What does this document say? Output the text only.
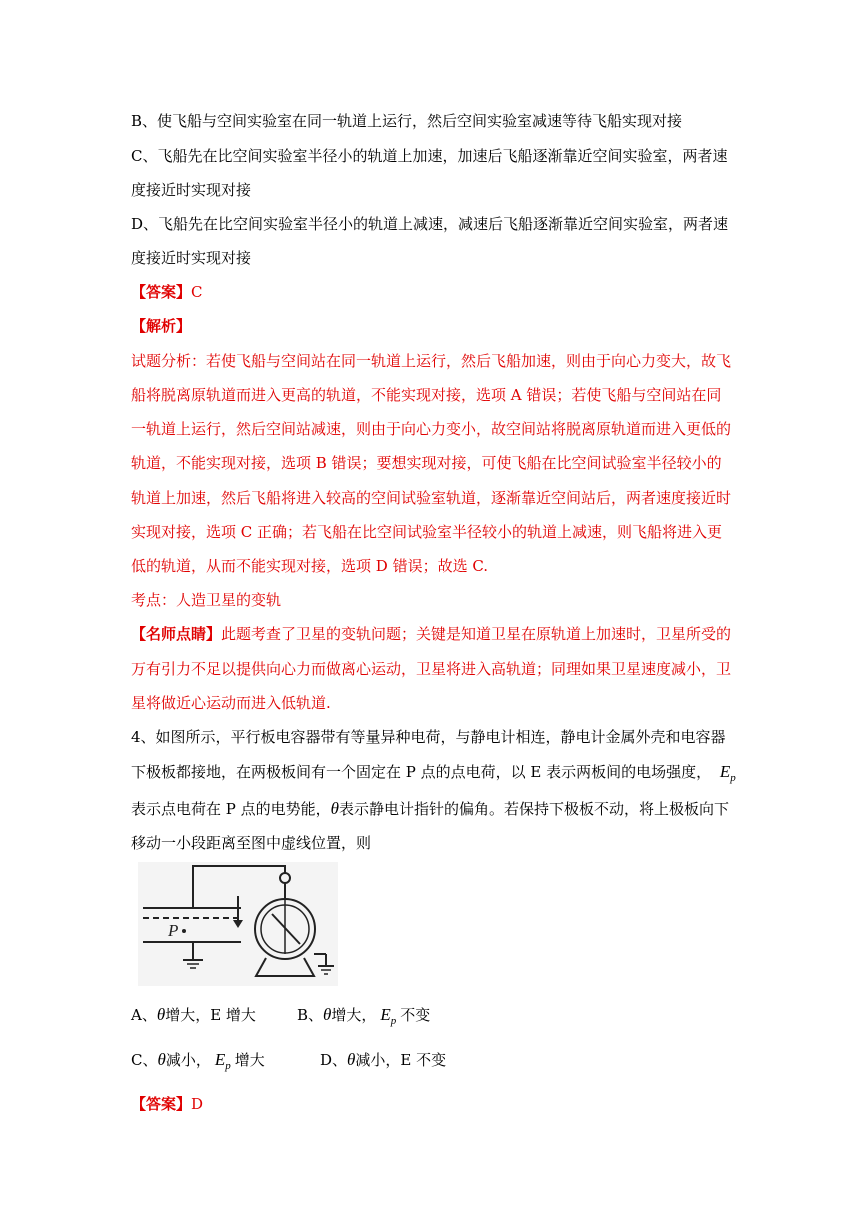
B、使飞船与空间实验室在同一轨道上运行，然后空间实验室减速等待飞船实现对接
C、飞船先在比空间实验室半径小的轨道上加速，加速后飞船逐渐靠近空间实验室，两者速
度接近时实现对接
D、飞船先在比空间实验室半径小的轨道上减速，减速后飞船逐渐靠近空间实验室，两者速
度接近时实现对接
【答案】C
【解析】
试题分析：若使飞船与空间站在同一轨道上运行，然后飞船加速，则由于向心力变大，故飞
船将脱离原轨道而进入更高的轨道，不能实现对接，选项 A 错误；若使飞船与空间站在同
一轨道上运行，然后空间站减速，则由于向心力变小，故空间站将脱离原轨道而进入更低的
轨道，不能实现对接，选项 B 错误；要想实现对接，可使飞船在比空间试验室半径较小的
轨道上加速，然后飞船将进入较高的空间试验室轨道，逐渐靠近空间站后，两者速度接近时
实现对接，选项 C 正确；若飞船在比空间试验室半径较小的轨道上减速，则飞船将进入更
低的轨道，从而不能实现对接，选项 D 错误；故选 C.
考点：人造卫星的变轨
【名师点睛】此题考查了卫星的变轨问题；关键是知道卫星在原轨道上加速时，卫星所受的
万有引力不足以提供向心力而做离心运动，卫星将进入高轨道；同理如果卫星速度减小，卫
星将做近心运动而进入低轨道.
4、如图所示，平行板电容器带有等量异种电荷，与静电计相连，静电计金属外壳和电容器
下极板都接地，在两极板间有一个固定在 P 点的点电荷，以 E 表示两板间的电场强度， $E_p$
表示点电荷在 P 点的电势能，θ表示静电计指针的偏角。若保持下极板不动，将上极板向下
移动一小段距离至图中虚线位置，则
P
A、θ增大，E 增大	B、θ增大， $E_p$ 不变
C、θ减小， $E_p$ 增大	D、θ减小，E 不变
【答案】D
